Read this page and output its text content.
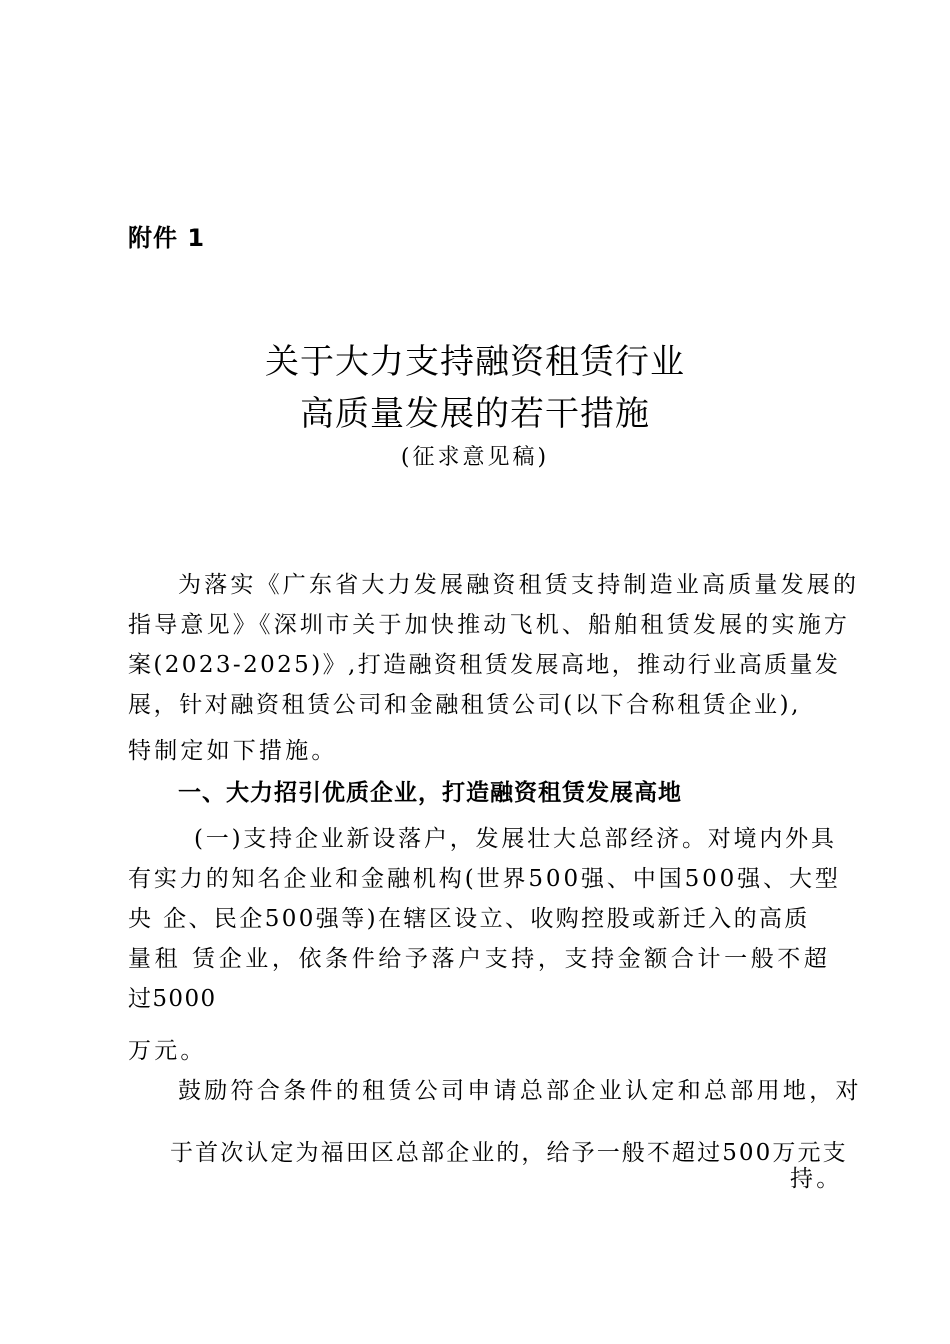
附件 1
关于大力支持融资租赁行业
高质量发展的若干措施
(征求意见稿)
为落实《广东省大力发展融资租赁支持制造业高质量发展的
指导意见》《深圳市关于加快推动飞机、船舶租赁发展的实施方
案(2023-2025)》,打造融资租赁发展高地，推动行业高质量发
展，针对融资租赁公司和金融租赁公司(以下合称租赁企业),
特制定如下措施。
一、大力招引优质企业，打造融资租赁发展高地
(一)支持企业新设落户，发展壮大总部经济。对境内外具
有实力的知名企业和金融机构(世界500强、中国500强、大型
央 企、民企500强等)在辖区设立、收购控股或新迁入的高质
量租 赁企业，依条件给予落户支持，支持金额合计一般不超
过5000
万元。
鼓励符合条件的租赁公司申请总部企业认定和总部用地，对
于首次认定为福田区总部企业的，给予一般不超过500万元支
持。
